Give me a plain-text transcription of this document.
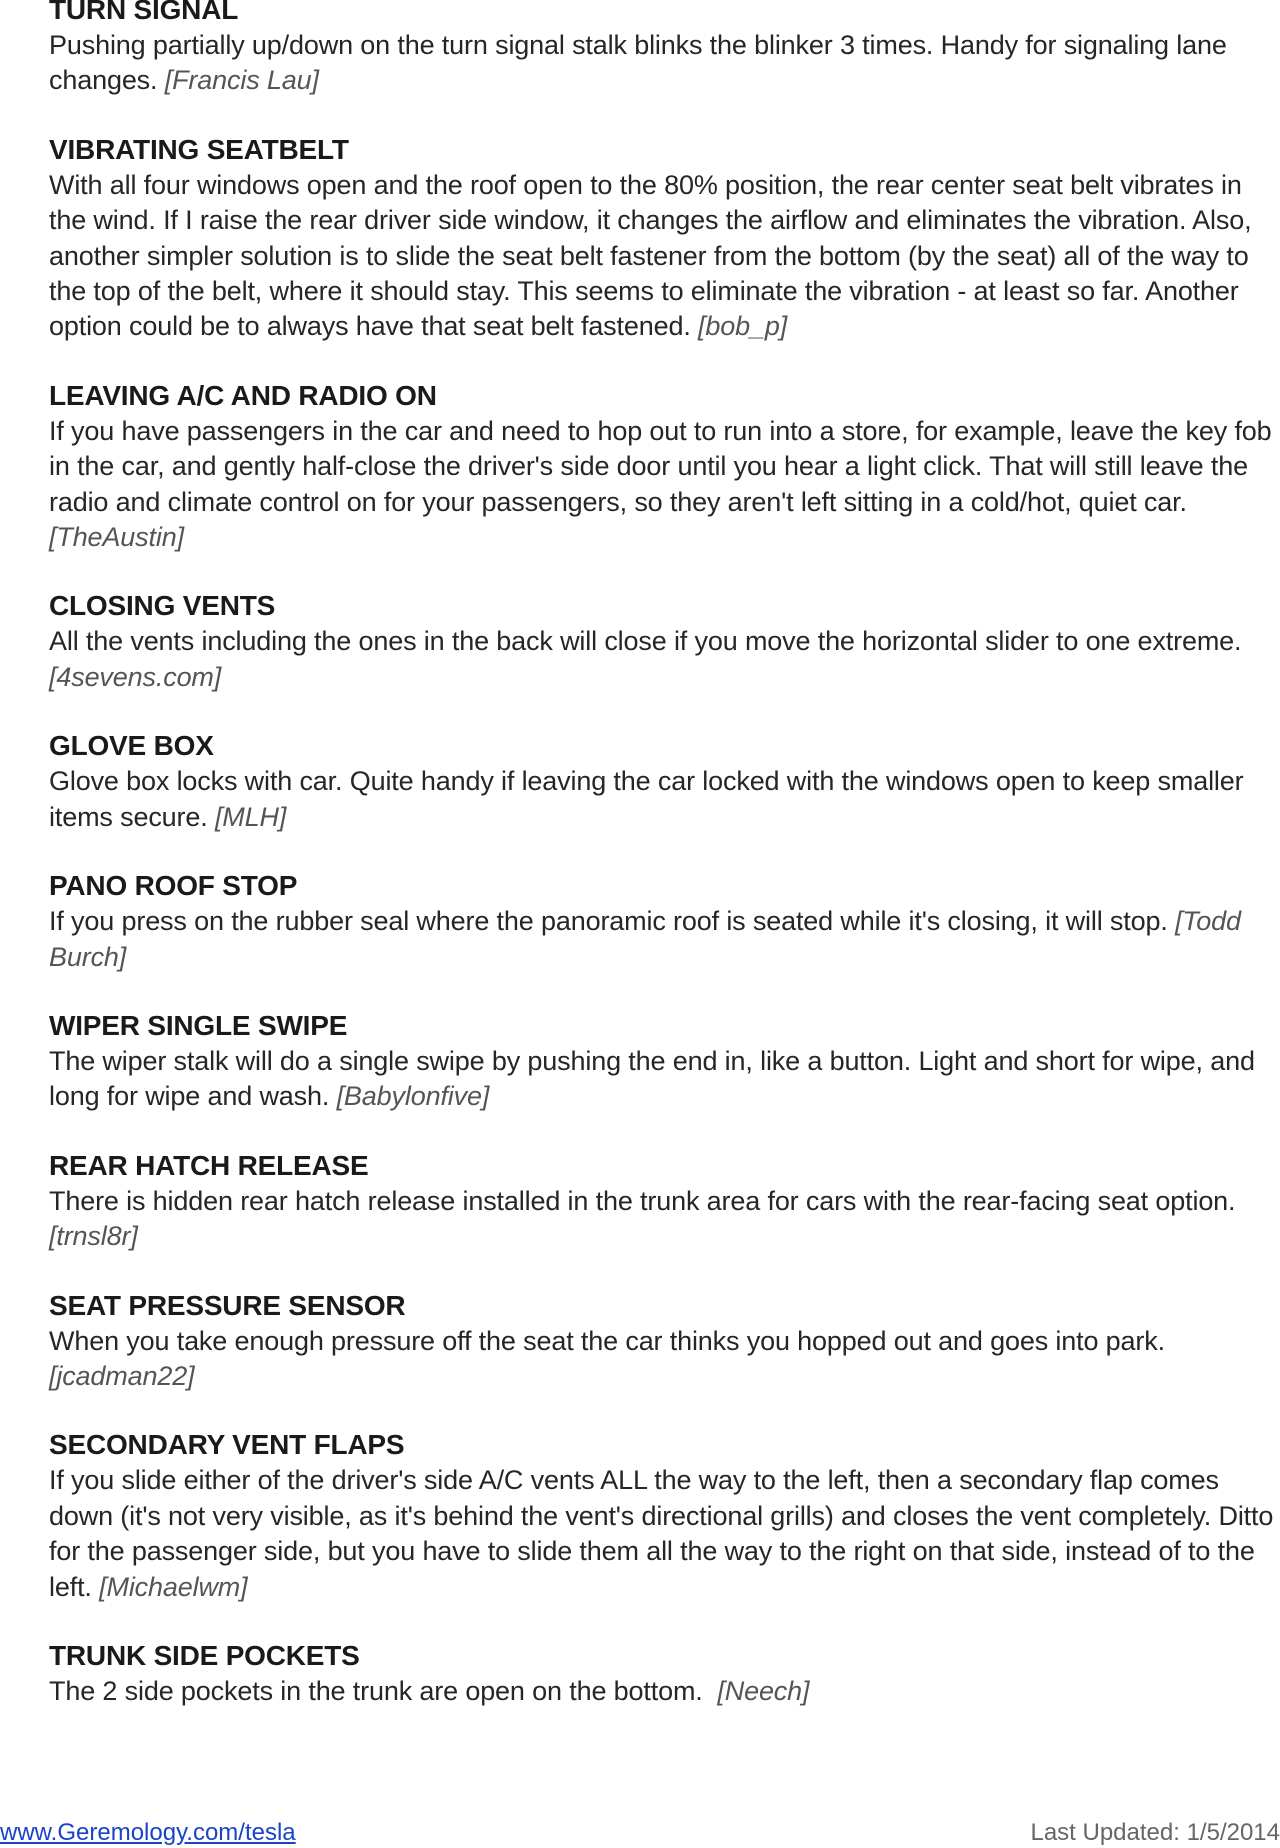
TURN SIGNAL
Pushing partially up/down on the turn signal stalk blinks the blinker 3 times. Handy for signaling lane changes. [Francis Lau]
VIBRATING SEATBELT
With all four windows open and the roof open to the 80% position, the rear center seat belt vibrates in the wind. If I raise the rear driver side window, it changes the airflow and eliminates the vibration. Also, another simpler solution is to slide the seat belt fastener from the bottom (by the seat) all of the way to the top of the belt, where it should stay. This seems to eliminate the vibration - at least so far. Another option could be to always have that seat belt fastened. [bob_p]
LEAVING A/C AND RADIO ON
If you have passengers in the car and need to hop out to run into a store, for example, leave the key fob in the car, and gently half-close the driver's side door until you hear a light click. That will still leave the radio and climate control on for your passengers, so they aren't left sitting in a cold/hot, quiet car. [TheAustin]
CLOSING VENTS
All the vents including the ones in the back will close if you move the horizontal slider to one extreme. [4sevens.com]
GLOVE BOX
Glove box locks with car. Quite handy if leaving the car locked with the windows open to keep smaller items secure. [MLH]
PANO ROOF STOP
If you press on the rubber seal where the panoramic roof is seated while it's closing, it will stop. [Todd Burch]
WIPER SINGLE SWIPE
The wiper stalk will do a single swipe by pushing the end in, like a button. Light and short for wipe, and long for wipe and wash. [Babylonfive]
REAR HATCH RELEASE
There is hidden rear hatch release installed in the trunk area for cars with the rear-facing seat option. [trnsl8r]
SEAT PRESSURE SENSOR
When you take enough pressure off the seat the car thinks you hopped out and goes into park. [jcadman22]
SECONDARY VENT FLAPS
If you slide either of the driver's side A/C vents ALL the way to the left, then a secondary flap comes down (it's not very visible, as it's behind the vent's directional grills) and closes the vent completely. Ditto for the passenger side, but you have to slide them all the way to the right on that side, instead of to the left. [Michaelwm]
TRUNK SIDE POCKETS
The 2 side pockets in the trunk are open on the bottom.  [Neech]
www.Geremology.com/tesla	Last Updated: 1/5/2014
